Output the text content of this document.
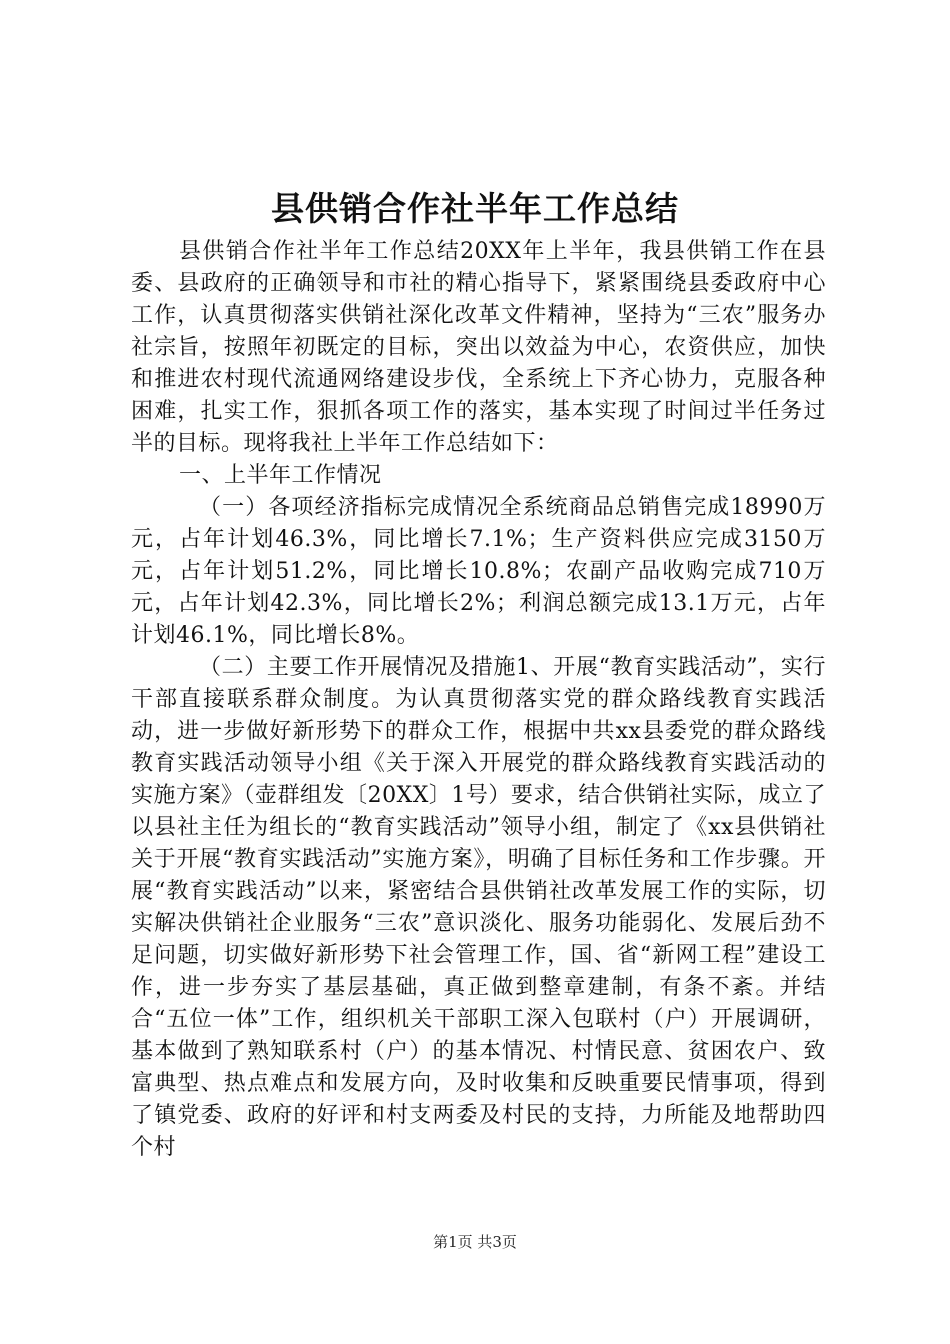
县供销合作社半年工作总结

县供销合作社半年工作总结20XX年上半年，我县供销工作在县委、县政府的正确领导和市社的精心指导下，紧紧围绕县委政府中心工作，认真贯彻落实供销社深化改革文件精神，坚持为“三农”服务办社宗旨，按照年初既定的目标，突出以效益为中心，农资供应，加快和推进农村现代流通网络建设步伐，全系统上下齐心协力，克服各种困难，扎实工作，狠抓各项工作的落实，基本实现了时间过半任务过半的目标。现将我社上半年工作总结如下：

一、上半年工作情况

（一）各项经济指标完成情况全系统商品总销售完成18990万元，占年计划46.3%，同比增长7.1%；生产资料供应完成3150万元，占年计划51.2%，同比增长10.8%；农副产品收购完成710万元，占年计划42.3%，同比增长2%；利润总额完成13.1万元，占年计划46.1%，同比增长8%。

（二）主要工作开展情况及措施1、开展“教育实践活动”，实行干部直接联系群众制度。为认真贯彻落实党的群众路线教育实践活动，进一步做好新形势下的群众工作，根据中共xx县委党的群众路线教育实践活动领导小组《关于深入开展党的群众路线教育实践活动的实施方案》（壶群组发〔20XX〕1号）要求，结合供销社实际，成立了以县社主任为组长的“教育实践活动”领导小组，制定了《xx县供销社关于开展“教育实践活动”实施方案》，明确了目标任务和工作步骤。开展“教育实践活动”以来，紧密结合县供销社改革发展工作的实际，切实解决供销社企业服务“三农”意识淡化、服务功能弱化、发展后劲不足问题，切实做好新形势下社会管理工作，国、省“新网工程”建设工作，进一步夯实了基层基础，真正做到整章建制，有条不紊。并结合“五位一体”工作，组织机关干部职工深入包联村（户）开展调研，基本做到了熟知联系村（户）的基本情况、村情民意、贫困农户、致富典型、热点难点和发展方向，及时收集和反映重要民情事项，得到了镇党委、政府的好评和村支两委及村民的支持，力所能及地帮助四个村

第1页 共3页
